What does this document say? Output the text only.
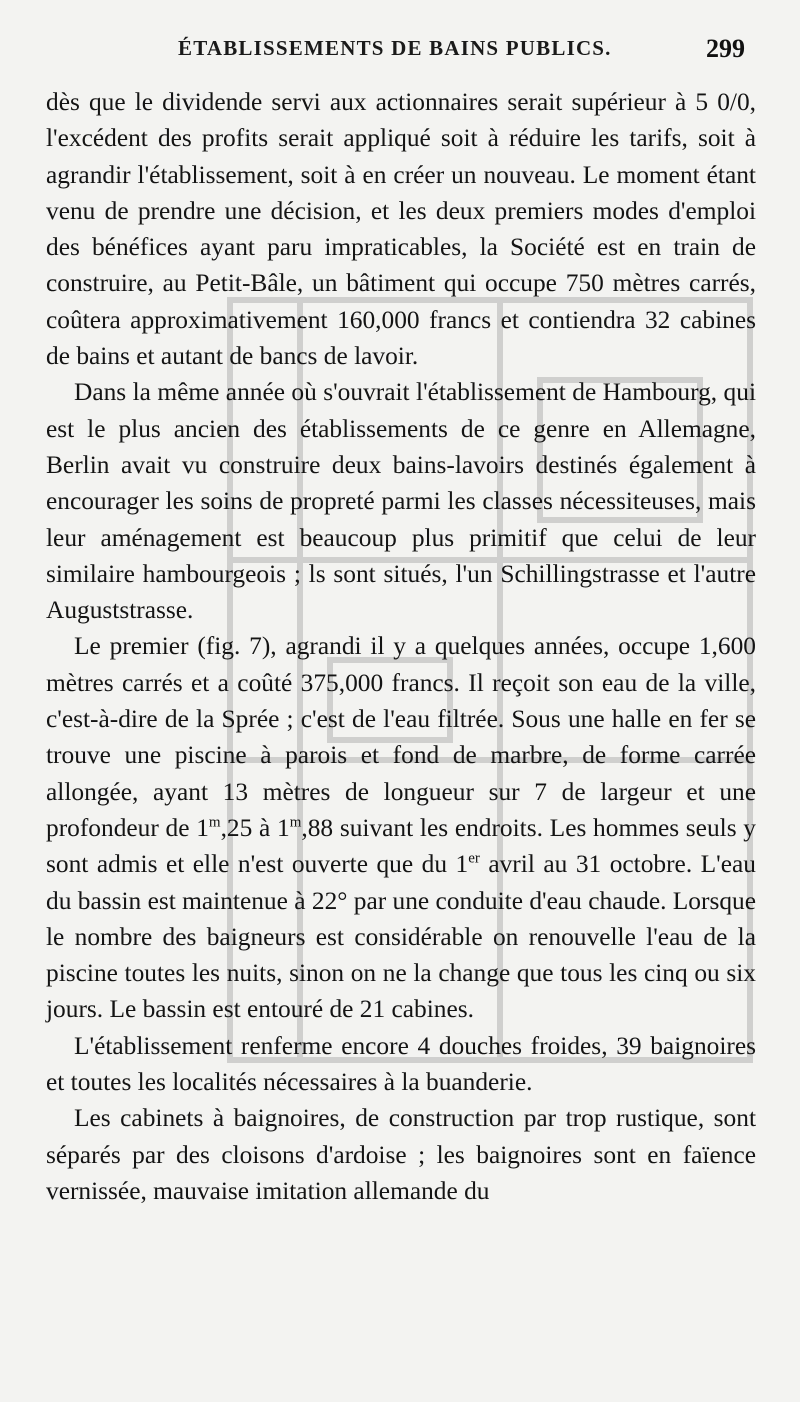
ÉTABLISSEMENTS DE BAINS PUBLICS.	299

dès que le dividende servi aux actionnaires serait supérieur à 5 0/0, l'excédent des profits serait appliqué soit à réduire les tarifs, soit à agrandir l'établissement, soit à en créer un nouveau. Le moment étant venu de prendre une décision, et les deux premiers modes d'emploi des bénéfices ayant paru impraticables, la Société est en train de construire, au Petit-Bâle, un bâtiment qui occupe 750 mètres carrés, coûtera approximativement 160,000 francs et contiendra 32 cabines de bains et autant de bancs de lavoir.

Dans la même année où s'ouvrait l'établissement de Hambourg, qui est le plus ancien des établissements de ce genre en Allemagne, Berlin avait vu construire deux bains-lavoirs destinés également à encourager les soins de propreté parmi les classes nécessiteuses, mais leur aménagement est beaucoup plus primitif que celui de leur similaire hambourgeois ; ls sont situés, l'un Schillingstrasse et l'autre Auguststrasse.

Le premier (fig. 7), agrandi il y a quelques années, occupe 1,600 mètres carrés et a coûté 375,000 francs. Il reçoit son eau de la ville, c'est-à-dire de la Sprée ; c'est de l'eau filtrée. Sous une halle en fer se trouve une piscine à parois et fond de marbre, de forme carrée allongée, ayant 13 mètres de longueur sur 7 de largeur et une profondeur de 1$^m$,25 à 1$^m$,88 suivant les endroits. Les hommes seuls y sont admis et elle n'est ouverte que du 1er avril au 31 octobre. L'eau du bassin est maintenue à 22° par une conduite d'eau chaude. Lorsque le nombre des baigneurs est considérable on renouvelle l'eau de la piscine toutes les nuits, sinon on ne la change que tous les cinq ou six jours. Le bassin est entouré de 21 cabines.

L'établissement renferme encore 4 douches froides, 39 baignoires et toutes les localités nécessaires à la buanderie.

Les cabinets à baignoires, de construction par trop rustique, sont séparés par des cloisons d'ardoise ; les baignoires sont en faïence vernissée, mauvaise imitation allemande du
